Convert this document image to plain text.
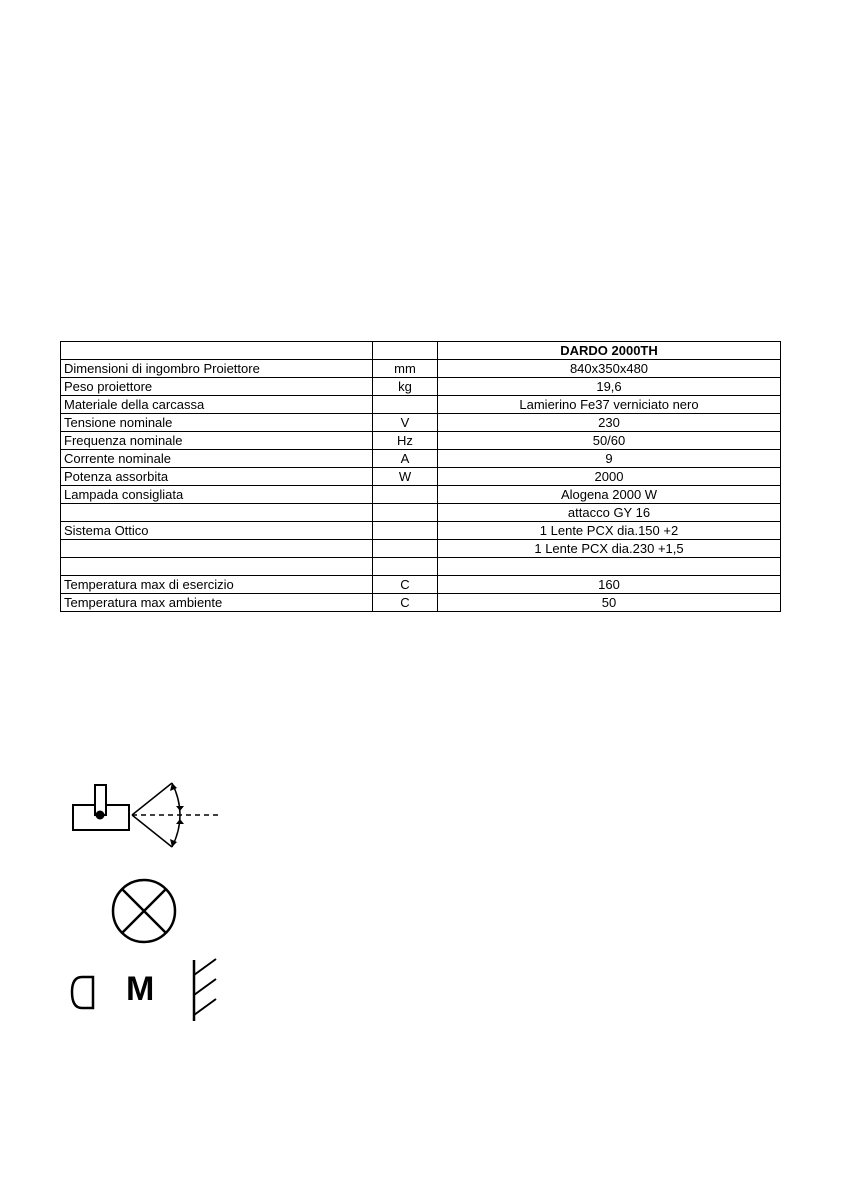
		DARDO 2000TH
Dimensioni di ingombro Proiettore	mm	840x350x480
Peso proiettore	kg	19,6
Materiale della carcassa		Lamierino Fe37 verniciato nero
Tensione nominale	V	230
Frequenza nominale	Hz	50/60
Corrente nominale	A	9
Potenza assorbita	W	2000
Lampada consigliata		Alogena 2000 W
		attacco GY 16
Sistema Ottico		1 Lente PCX dia.150 +2
		1 Lente PCX dia.230 +1,5

Temperatura max di esercizio	C	160
Temperatura max ambiente	C	50
M
